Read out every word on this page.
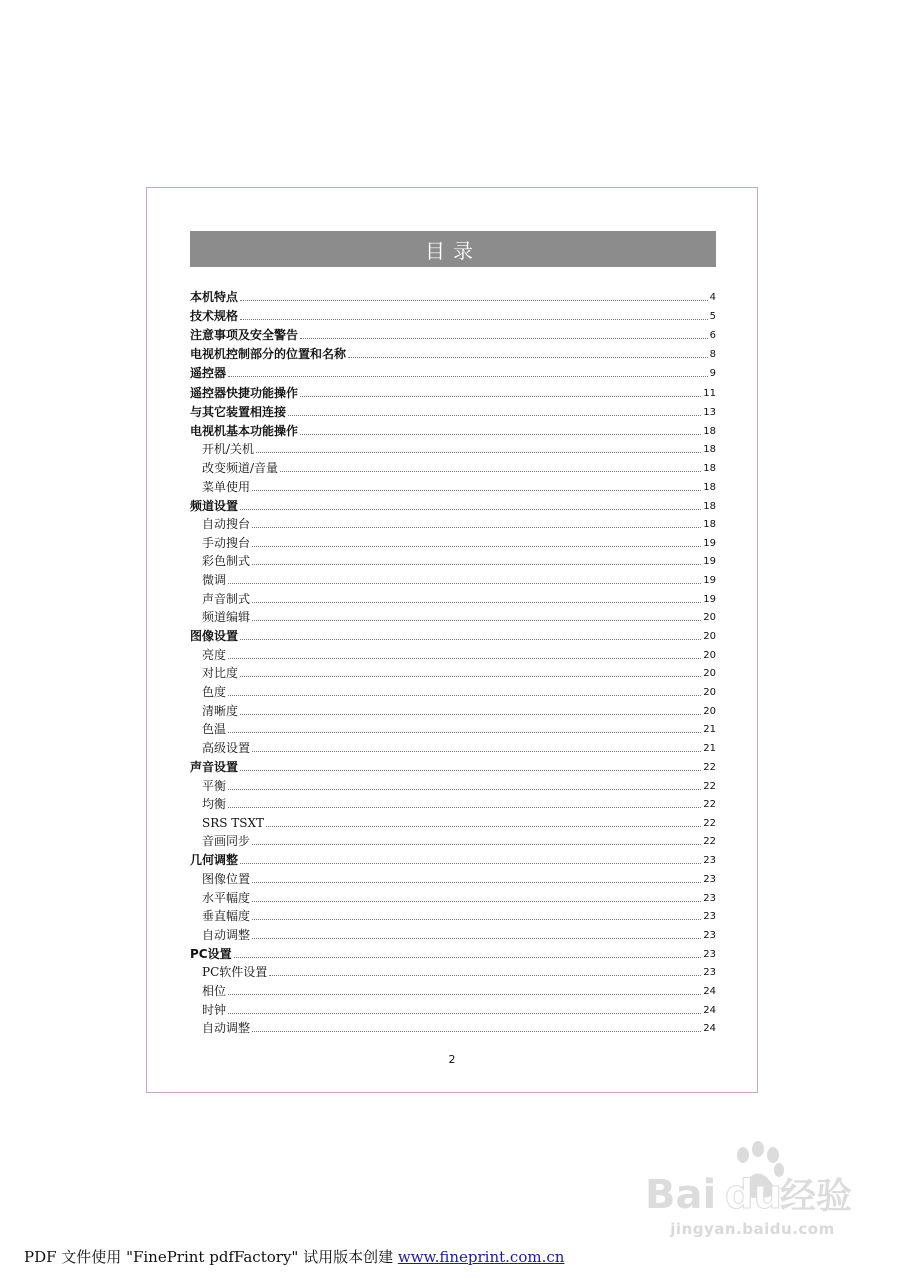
目录
本机特点	4
技术规格	5
注意事项及安全警告	6
电视机控制部分的位置和名称	8
遥控器	9
遥控器快捷功能操作	11
与其它装置相连接	13
电视机基本功能操作	18
开机/关机	18
改变频道/音量	18
菜单使用	18
频道设置	18
自动搜台	18
手动搜台	19
彩色制式	19
微调	19
声音制式	19
频道编辑	20
图像设置	20
亮度	20
对比度	20
色度	20
清晰度	20
色温	21
高级设置	21
声音设置	22
平衡	22
均衡	22
SRS TSXT	22
音画同步	22
几何调整	23
图像位置	23
水平幅度	23
垂直幅度	23
自动调整	23
PC设置	23
PC软件设置	23
相位	24
时钟	24
自动调整	24
2
Bai du
经验
jingyan.baidu.com
PDF 文件使用 "FinePrint pdfFactory" 试用版本创建 www.fineprint.com.cn
